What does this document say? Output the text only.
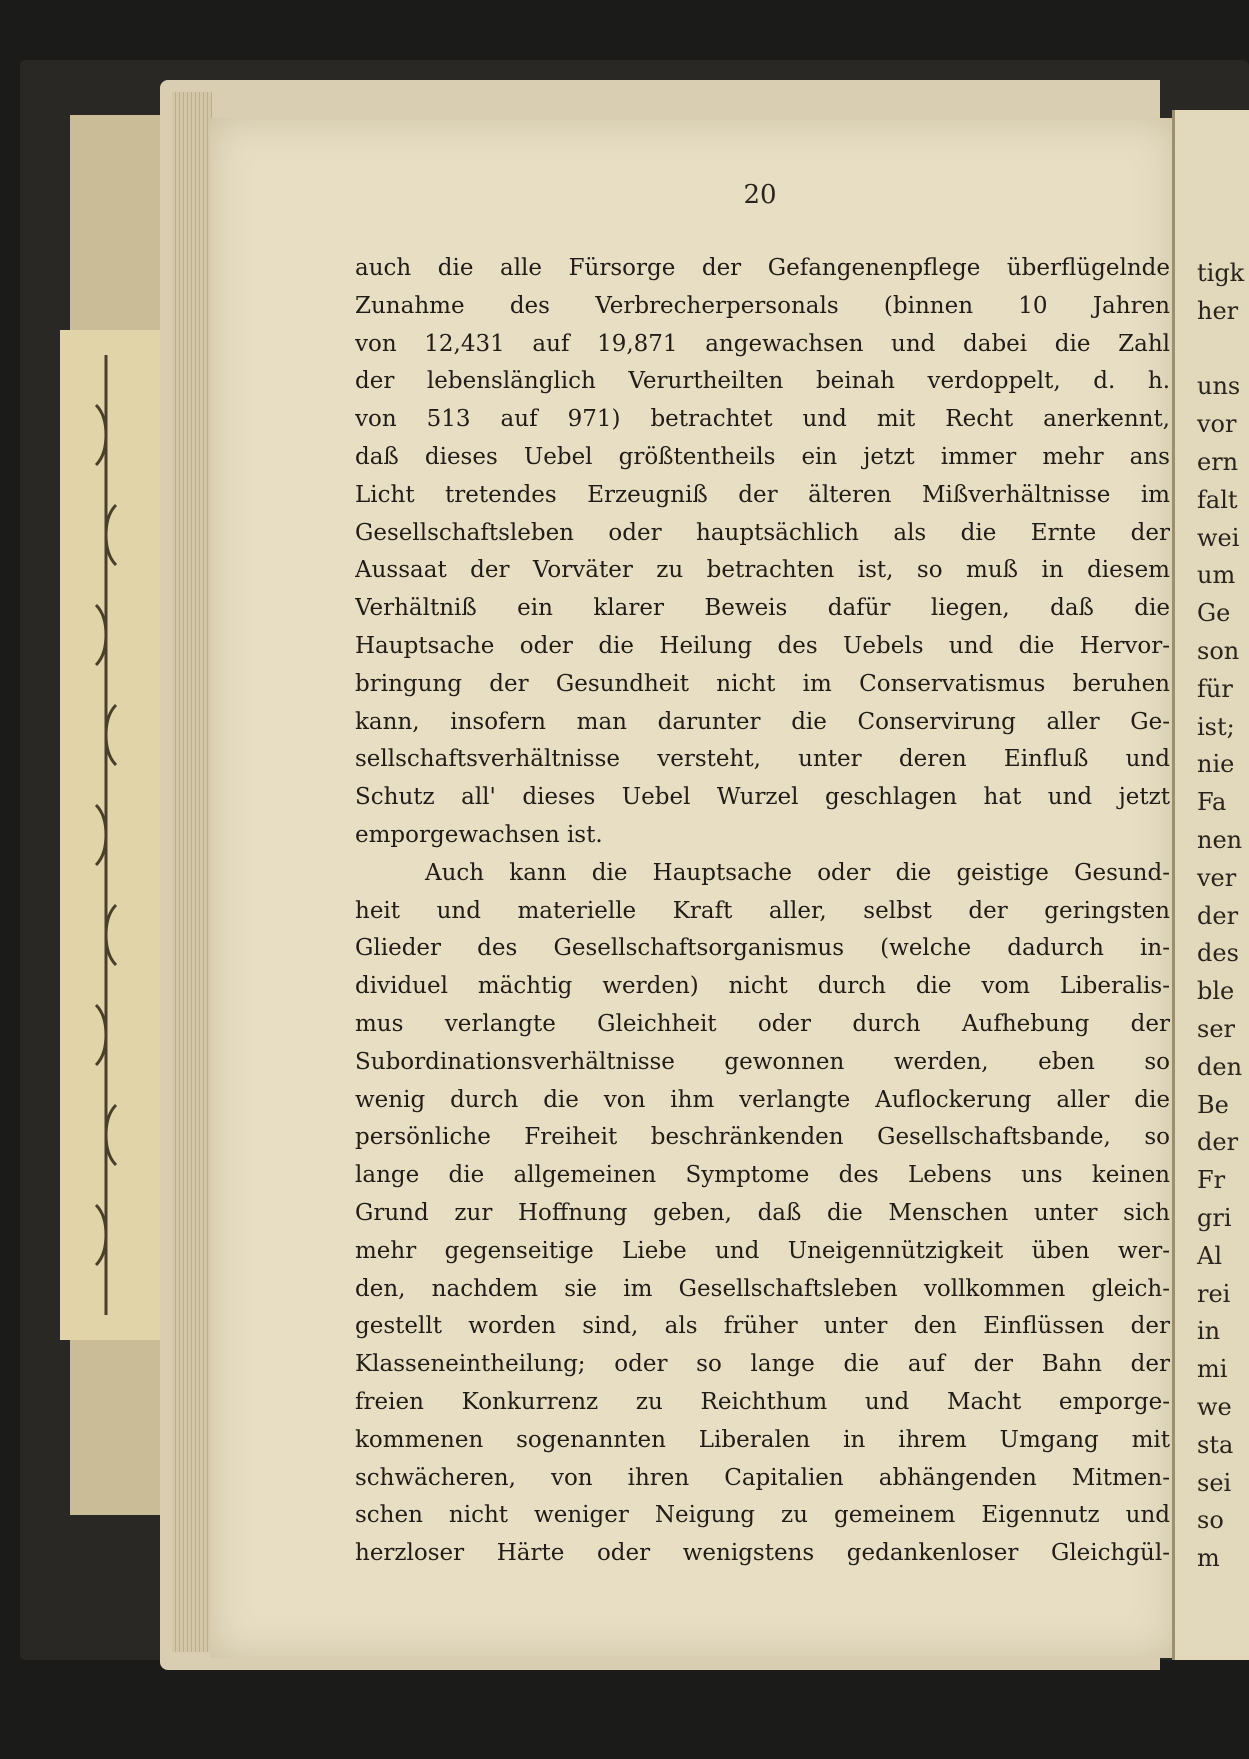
20
auch die alle Fürsorge der Gefangenenpflege überflügelnde
Zunahme des Verbrecherpersonals (binnen 10 Jahren
von 12,431 auf 19,871 angewachsen und dabei die Zahl
der lebenslänglich Verurtheilten beinah verdoppelt, d. h.
von 513 auf 971) betrachtet und mit Recht anerkennt,
daß dieses Uebel größtentheils ein jetzt immer mehr ans
Licht tretendes Erzeugniß der älteren Mißverhältnisse im
Gesellschaftsleben oder hauptsächlich als die Ernte der
Aussaat der Vorväter zu betrachten ist, so muß in diesem
Verhältniß ein klarer Beweis dafür liegen, daß die
Hauptsache oder die Heilung des Uebels und die Hervor-
bringung der Gesundheit nicht im Conservatismus beruhen
kann, insofern man darunter die Conservirung aller Ge-
sellschaftsverhältnisse versteht, unter deren Einfluß und
Schutz all' dieses Uebel Wurzel geschlagen hat und jetzt
emporgewachsen ist.
Auch kann die Hauptsache oder die geistige Gesund-
heit und materielle Kraft aller, selbst der geringsten
Glieder des Gesellschaftsorganismus (welche dadurch in-
dividuel mächtig werden) nicht durch die vom Liberalis-
mus verlangte Gleichheit oder durch Aufhebung der
Subordinationsverhältnisse gewonnen werden, eben so
wenig durch die von ihm verlangte Auflockerung aller die
persönliche Freiheit beschränkenden Gesellschaftsbande, so
lange die allgemeinen Symptome des Lebens uns keinen
Grund zur Hoffnung geben, daß die Menschen unter sich
mehr gegenseitige Liebe und Uneigennützigkeit üben wer-
den, nachdem sie im Gesellschaftsleben vollkommen gleich-
gestellt worden sind, als früher unter den Einflüssen der
Klasseneintheilung; oder so lange die auf der Bahn der
freien Konkurrenz zu Reichthum und Macht emporge-
kommenen sogenannten Liberalen in ihrem Umgang mit
schwächeren, von ihren Capitalien abhängenden Mitmen-
schen nicht weniger Neigung zu gemeinem Eigennutz und
herzloser Härte oder wenigstens gedankenloser Gleichgül-
tigk
her
uns
vor
ern
falt
wei
um
Ge
son
für
ist;
nie
Fa
nen
ver
der
des
ble
ser
den
Be
der
Fr
gri
Al
rei
in
mi
we
sta
sei
so
m
